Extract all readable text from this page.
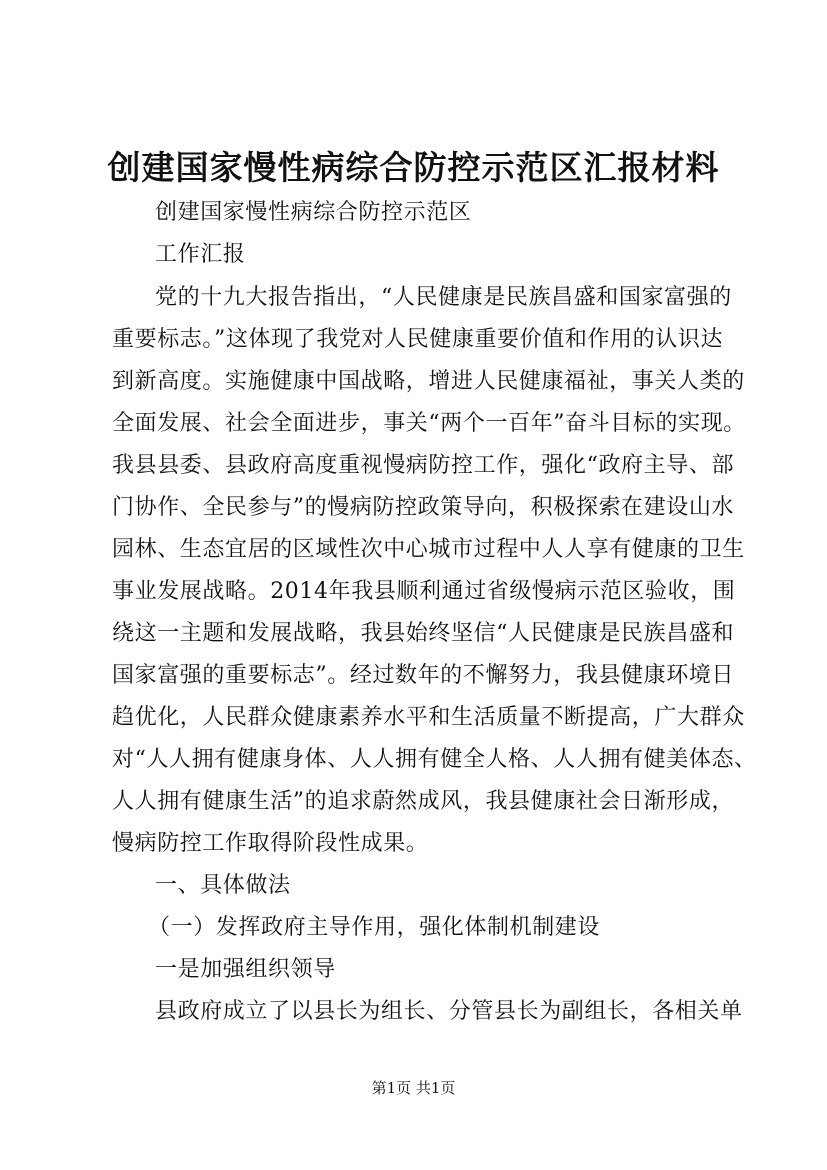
创建国家慢性病综合防控示范区汇报材料
创建国家慢性病综合防控示范区
工作汇报
党的十九大报告指出，“人民健康是民族昌盛和国家富强的
重要标志。”这体现了我党对人民健康重要价值和作用的认识达
到新高度。实施健康中国战略，增进人民健康福祉，事关人类的
全面发展、社会全面进步，事关“两个一百年”奋斗目标的实现。
我县县委、县政府高度重视慢病防控工作，强化“政府主导、部
门协作、全民参与”的慢病防控政策导向，积极探索在建设山水
园林、生态宜居的区域性次中心城市过程中人人享有健康的卫生
事业发展战略。2014年我县顺利通过省级慢病示范区验收，围
绕这一主题和发展战略，我县始终坚信“人民健康是民族昌盛和
国家富强的重要标志”。经过数年的不懈努力，我县健康环境日
趋优化，人民群众健康素养水平和生活质量不断提高，广大群众
对“人人拥有健康身体、人人拥有健全人格、人人拥有健美体态、
人人拥有健康生活”的追求蔚然成风，我县健康社会日渐形成，
慢病防控工作取得阶段性成果。
一、具体做法
（一）发挥政府主导作用，强化体制机制建设
一是加强组织领导
县政府成立了以县长为组长、分管县长为副组长，各相关单
第1页 共1页
